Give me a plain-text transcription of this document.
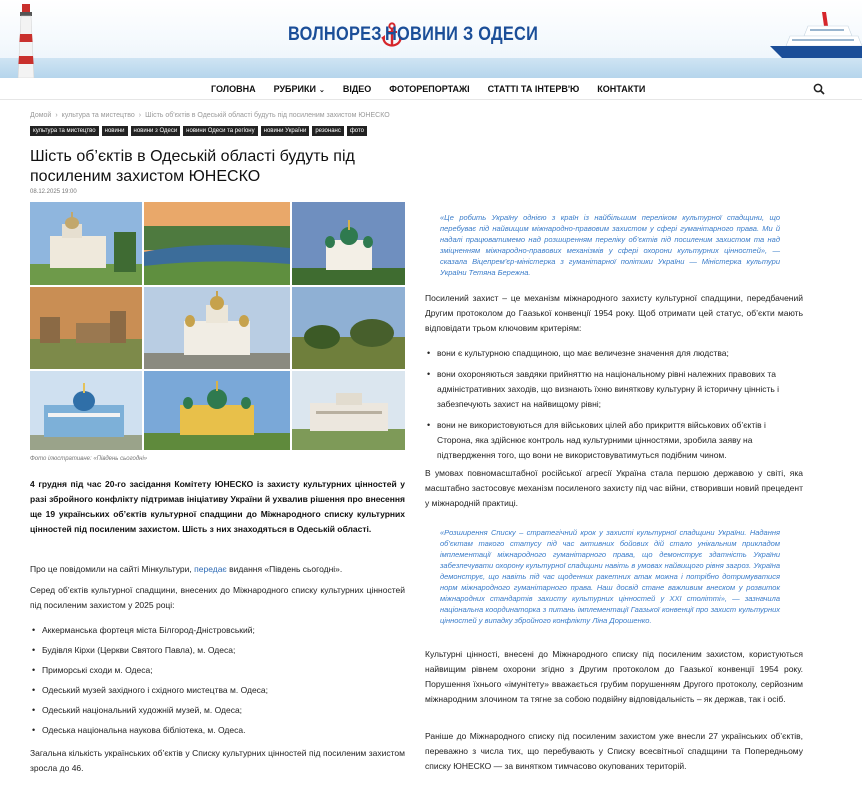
ВОЛНОРЕЗ НОВИНИ З ОДЕСИ
ГОЛОВНА РУБРИКИ ⌄ ВІДЕО ФОТОРЕПОРТАЖІ СТАТТІ ТА ІНТЕРВ'Ю КОНТАКТИ
Домой › культура та мистецтво › Шість об'єктів в Одеській області будуть під посиленим захистом ЮНЕСКО
культура та мистецтво	новини	новини з Одеси	новини Одеси та регіону	новини України	резонанс	фото
Шість об’єктів в Одеській області будуть під посиленим захистом ЮНЕСКО
08.12.2025 19:00
Фото ілюстративне: «Південь сьогодні»

4 грудня під час 20-го засідання Комітету ЮНЕСКО із захисту культурних цінностей у разі збройного конфлікту підтримав ініціативу України й ухвалив рішення про внесення ще 19 українських об’єктів культурної спадщини до Міжнародного списку культурних цінностей під посиленим захистом. Шість з них знаходяться в Одеській області.

Про це повідомили на сайті Мінкультури, передає видання «Південь сьогодні».

Серед об’єктів культурної спадщини, внесених до Міжнародного списку культурних цінностей під посиленим захистом у 2025 році:

• Аккерманська фортеця міста Білгород-Дністровський;
• Будівля Кірхи (Церкви Святого Павла), м. Одеса;
• Приморські сходи м. Одеса;
• Одеський музей західного і східного мистецтва м. Одеса;
• Одеський національний художній музей, м. Одеса;
• Одеська національна наукова бібліотека, м. Одеса.

Загальна кількість українських об’єктів у Списку культурних цінностей під посиленим захистом зросла до 46.

«Це робить Україну однією з країн із найбільшим переліком культурної спадщини, що перебуває під найвищим міжнародно-правовим захистом у сфері гуманітарного права. Ми й надалі працюватимемо над розширенням переліку об’єктів під посиленим захистом та над зміцненням міжнародно-правових механізмів у сфері охорони культурних цінностей», — сказала Віцепрем’єр-міністерка з гуманітарної політики України — Міністерка культури України Тетяна Бережна.

Посилений захист – це механізм міжнародного захисту культурної спадщини, передбачений Другим протоколом до Гаазької конвенції 1954 року. Щоб отримати цей статус, об’єкти мають відповідати трьом ключовим критеріям:

• вони є культурною спадщиною, що має величезне значення для людства;
• вони охороняються завдяки прийняттю на національному рівні належних правових та адміністративних заходів, що визнають їхню виняткову культурну й історичну цінність і забезпечують захист на найвищому рівні;
• вони не використовуються для військових цілей або прикриття військових об’єктів і Сторона, яка здійснює контроль над культурними цінностями, зробила заяву на підтвердження того, що вони не використовуватимуться подібним чином.

В умовах повномасштабної російської агресії Україна стала першою державою у світі, яка масштабно застосовує механізм посиленого захисту під час війни, створивши новий прецедент у міжнародній практиці.

«Розширення Списку – стратегічний крок у захисті культурної спадщини України. Надання об’єктам такого статусу під час активних бойових дій стало унікальним прикладом імплементації міжнародного гуманітарного права, що демонструє здатність України забезпечувати охорону культурної спадщини навіть в умовах найвищого рівня загроз. Україна демонструє, що навіть під час щоденних ракетних атак можна і потрібно дотримуватися норм міжнародного гуманітарного права. Наш досвід стане важливим внеском у розвиток міжнародних стандартів захисту культурних цінностей у XXI столітті», — зазначила національна координаторка з питань імплементації Гаазької конвенції про захист культурних цінностей у випадку збройного конфлікту Ліна Дорошенко.

Культурні цінності, внесені до Міжнародного списку під посиленим захистом, користуються найвищим рівнем охорони згідно з Другим протоколом до Гаазької конвенції 1954 року. Порушення їхнього «імунітету» вважається грубим порушенням Другого протоколу, серйозним міжнародним злочином та тягне за собою подвійну відповідальність – як держав, так і осіб.

Раніше до Міжнародного списку під посиленим захистом уже внесли 27 українських об’єктів, переважно з числа тих, що перебувають у Списку всесвітньої спадщини та Попередньому списку ЮНЕСКО — за винятком тимчасово окупованих територій.
